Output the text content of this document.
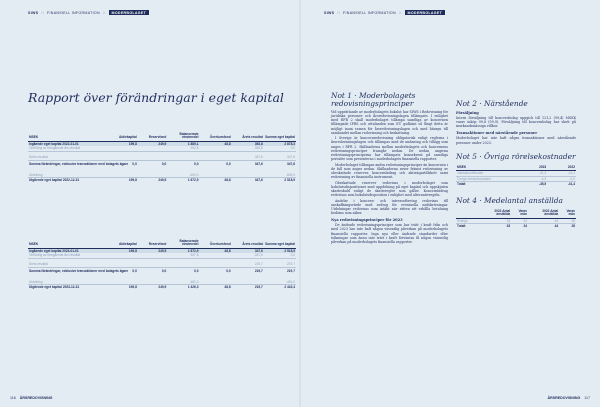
SIWS // FINANSIELL INFORMATION //	MODERBOLAGET
Rapport över förändringar i eget kapital
MSEK	Aktiekapital	Reservfond	Balanserade vinstmedel	Överkursfond	Årets resultat	Summa eget kapital
Ingående eget kapital 2022-01-01	199,8	249,9	1 889,1	48,8	392,8	2 878,3
Omföring av föregående års resultat			392,8		-392,8	0,0

Årets resultat					347,6	347,6
Summa förändringar, exklusive transaktioner med bolagets ägare	0,0	0,0	0,0	0,0	347,6	347,6

Utdelning			-609,0			-609,0
Utgående eget kapital 2022-12-31	199,8	249,9	1 672,9	48,8	347,6	2 518,9
MSEK	Aktiekapital	Reservfond	Balanserade vinstmedel	Överkursfond	Årets resultat	Summa eget kapital
Ingående eget kapital 2023-01-01	199,8	249,9	1 672,9	48,8	347,6	2 518,9
Omföring av föregående års resultat			347,6		-347,6	0,0

Årets resultat					219,7	219,7
Summa förändringar, exklusive transaktioner med bolagets ägare	0,0	0,0	0,0	0,0	219,7	219,7

Utdelning			-481,0			-481,0
Utgående eget kapital 2023-12-31	199,8	249,9	1 426,3	48,8	219,7	2 442,4
116 ÅRSREDOVISNING
SIWS // FINANSIELL INFORMATION //	MODERBOLAGET
Not 1 · Moderbolagets redovisningsprinciper

Vid upprättande av moderbolagets bokslut har SIWS i Redovisning för juridiska personer och Årsredovisningslagen tillämpats. I enlighet med RFR 2 skall moderbolaget tillämpa samtliga av koncernen tillämpade IFRS och uttalanden som EU godkänt så långt detta är möjligt inom ramen för årsredovisningslagen och med hänsyn till sambandet mellan redovisning och beskattning.

I Sverige är koncernredovisning obligatorisk enligt reglerna i årsredovisningslagen och tillämpas med de undantag och tillägg som anges i RFR 2. Skillnaderna mellan moderbolagets och koncernens redovisningsprinciper framgår nedan. De nedan angivna redovisningsprinciperna har tillämpats konsekvent på samtliga perioder som presenteras i moderbolagets finansiella rapporter.

Moderbolaget tillämpar andra redovisningsprinciper än koncernen i de fall som anges nedan. Skillnaderna avser främst redovisning av obeskattade reserver, koncernbidrag och aktieägartillskott samt redovisning av finansiella instrument.

Obeskattade reserver redovisas i moderbolaget som bokslutsdispositioner med uppdelning på eget kapital och uppskjuten skatteskuld enligt de skatteregler som gäller. Koncernbidrag redovisas som bokslutsdisposition i enlighet med alternativregeln.

Andelar i koncern- och intresseföretag redovisas till anskaffningsvärde med avdrag för eventuella nedskrivningar. Utdelningar redovisas som intäkt när rätten att erhålla betalning bedöms som säker.

Nya redovisningsprinciper för 2023

De ändrade redovisningsprinciper som har trätt i kraft från och med 2023 har inte haft någon väsentlig påverkan på moderbolagets finansiella rapporter. Inga nya eller ändrade standarder eller tolkningar som ännu inte trätt i kraft förväntas få någon väsentlig påverkan på moderbolagets finansiella rapporter.

Not 2 · Närstående
Försäljning

Intern försäljning till koncernbolag uppgick till 121,2 (99,4) MSEK varav inköp 99,8 (99,9). Försäljning till koncernbolag har skett på marknadsmässiga villkor.

Transaktioner med närstående personer

Moderbolaget har inte haft några transaktioner med närstående personer under 2023.

Not 5 · Övriga rörelsekostnader
MSEK	2023	2022
Valutakursförluster	-41,3	-41,4
Övriga rörelsekostnader	-4,2	-0,0
Totalt	-45,5	-41,4
Not 4 · Medelantal anställda
	2023 Antal anställda	Varav män	2022 Antal anställda	Varav män
Sverige	33	24	44	28
Totalt	33	24	44	28
ÅRSREDOVISNING 117
